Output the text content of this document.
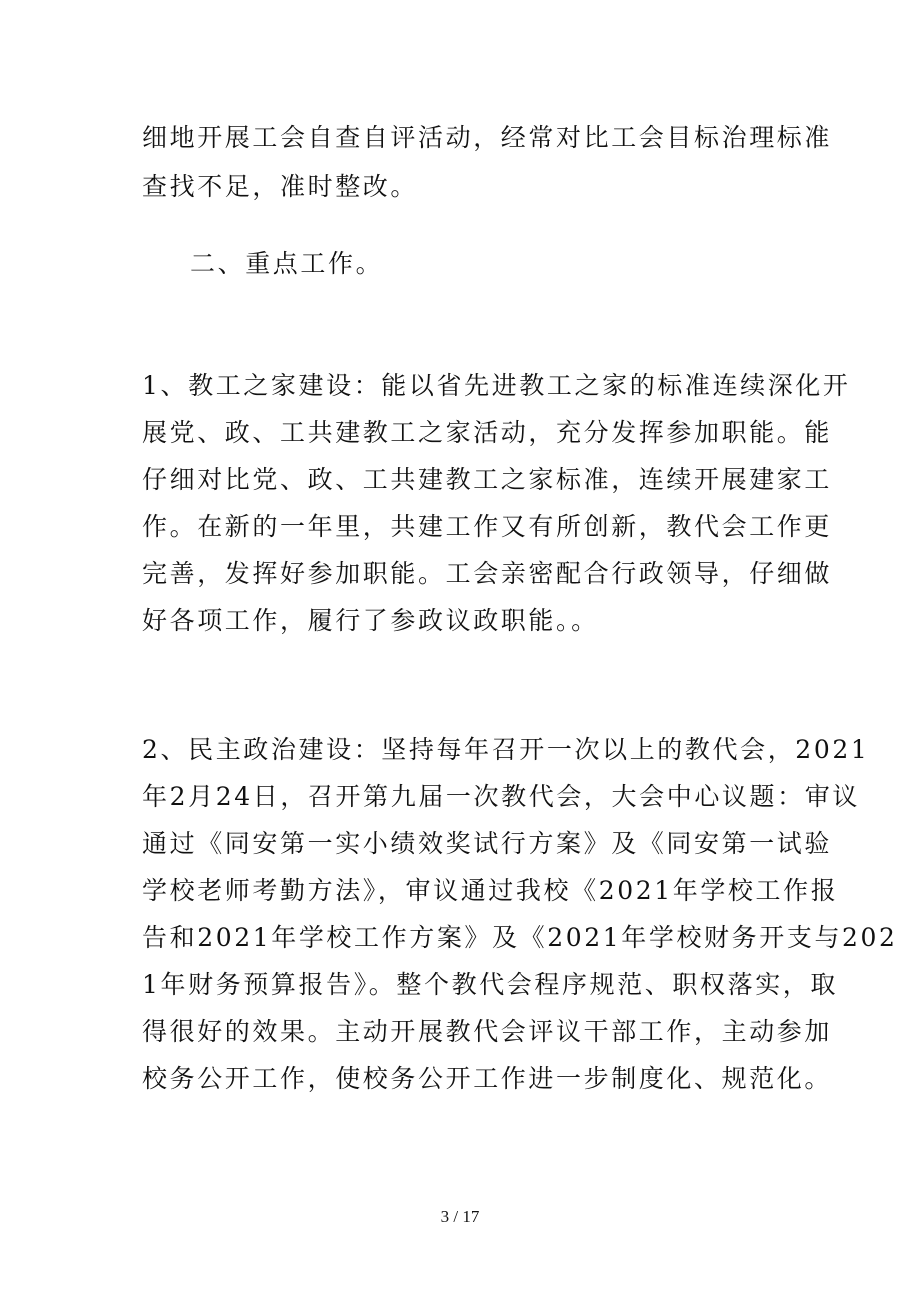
细地开展工会自查自评活动，经常对比工会目标治理标准
查找不足，准时整改。
二、重点工作。
1、教工之家建设：能以省先进教工之家的标准连续深化开
展党、政、工共建教工之家活动，充分发挥参加职能。能
仔细对比党、政、工共建教工之家标准，连续开展建家工
作。在新的一年里，共建工作又有所创新，教代会工作更
完善，发挥好参加职能。工会亲密配合行政领导，仔细做
好各项工作，履行了参政议政职能。。
2、民主政治建设：坚持每年召开一次以上的教代会，2021
年2月24日，召开第九届一次教代会，大会中心议题：审议
通过《同安第一实小绩效奖试行方案》及《同安第一试验
学校老师考勤方法》，审议通过我校《2021年学校工作报
告和2021年学校工作方案》及《2021年学校财务开支与202
1年财务预算报告》。整个教代会程序规范、职权落实，取
得很好的效果。主动开展教代会评议干部工作，主动参加
校务公开工作，使校务公开工作进一步制度化、规范化。
3 / 17
